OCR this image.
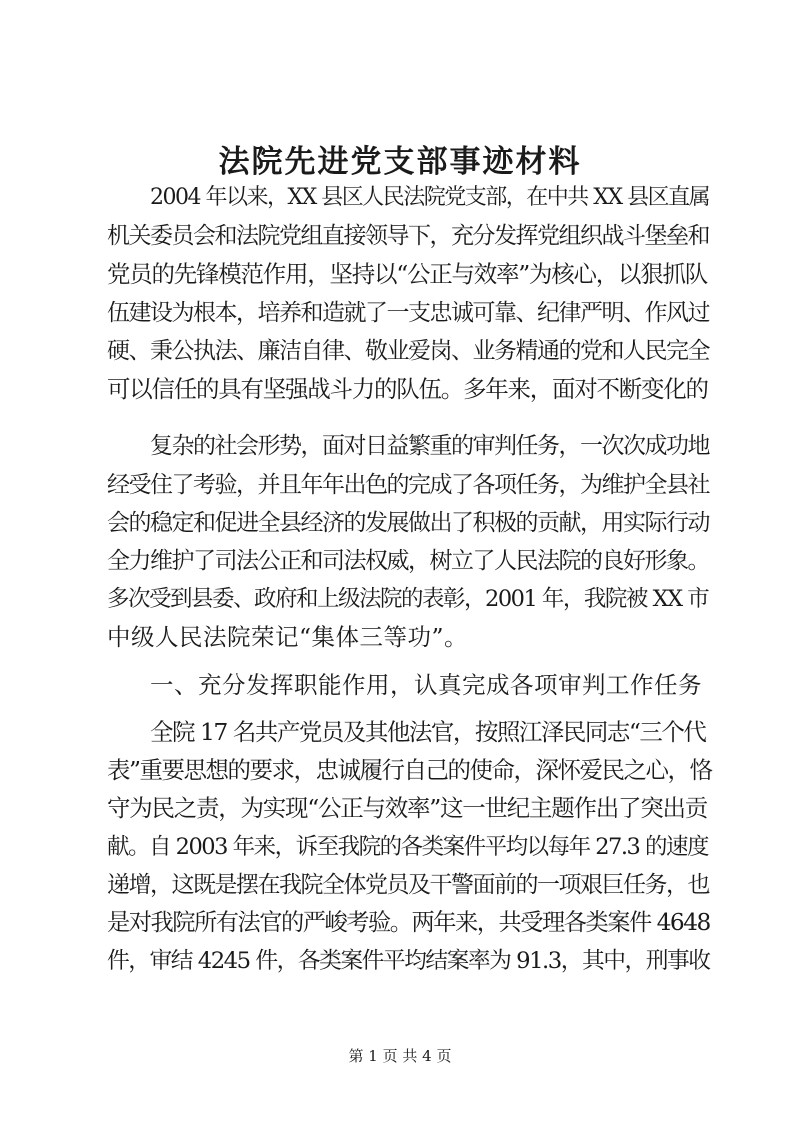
法院先进党支部事迹材料
2004 年以来，XX 县区人民法院党支部，在中共 XX 县区直属
机关委员会和法院党组直接领导下，充分发挥党组织战斗堡垒和
党员的先锋模范作用，坚持以“公正与效率”为核心，以狠抓队
伍建设为根本，培养和造就了一支忠诚可靠、纪律严明、作风过
硬、秉公执法、廉洁自律、敬业爱岗、业务精通的党和人民完全
可以信任的具有坚强战斗力的队伍。多年来，面对不断变化的
复杂的社会形势，面对日益繁重的审判任务，一次次成功地
经受住了考验，并且年年出色的完成了各项任务，为维护全县社
会的稳定和促进全县经济的发展做出了积极的贡献，用实际行动
全力维护了司法公正和司法权威，树立了人民法院的良好形象。
多次受到县委、政府和上级法院的表彰，2001 年，我院被 XX 市
中级人民法院荣记“集体三等功”。
一、充分发挥职能作用，认真完成各项审判工作任务
全院 17 名共产党员及其他法官，按照江泽民同志“三个代
表”重要思想的要求，忠诚履行自己的使命，深怀爱民之心，恪
守为民之责，为实现“公正与效率”这一世纪主题作出了突出贡
献。自 2003 年来，诉至我院的各类案件平均以每年 27.3 的速度
递增，这既是摆在我院全体党员及干警面前的一项艰巨任务，也
是对我院所有法官的严峻考验。两年来，共受理各类案件 4648
件，审结 4245 件，各类案件平均结案率为 91.3，其中，刑事收
第 1 页 共 4 页
